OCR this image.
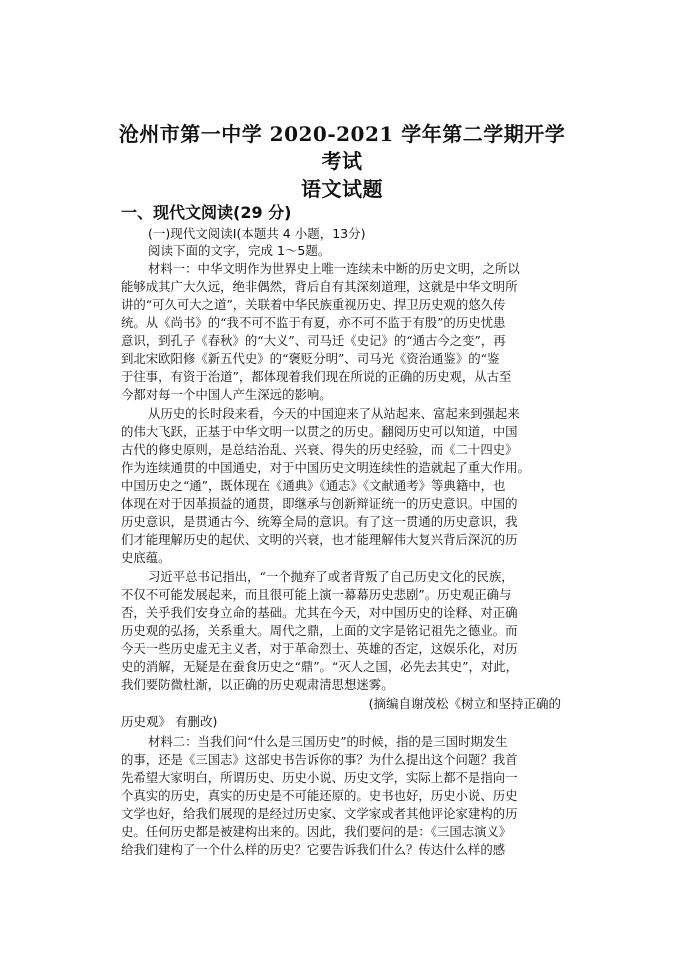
沧州市第一中学 2020-2021 学年第二学期开学
考试
语文试题
一、现代文阅读(29 分)
(一)现代文阅读Ⅰ(本题共 4 小题，13分)
阅读下面的文字，完成 1～5题。
材料一：中华文明作为世界史上唯一连续未中断的历史文明，之所以
能够成其广大久远，绝非偶然，背后自有其深刻道理，这就是中华文明所
讲的“可久可大之道”，关联着中华民族重视历史、捍卫历史观的悠久传
统。从《尚书》的“我不可不监于有夏，亦不可不监于有殷”的历史忧患
意识，到孔子《春秋》的“大义”、司马迁《史记》的“通古今之变”，再
到北宋欧阳修《新五代史》的“褒贬分明”、司马光《资治通鉴》的“鉴
于往事，有资于治道”，都体现着我们现在所说的正确的历史观，从古至
今都对每一个中国人产生深远的影响。
从历史的长时段来看，今天的中国迎来了从站起来、富起来到强起来
的伟大飞跃，正基于中华文明一以贯之的历史。翻阅历史可以知道，中国
古代的修史原则，是总结治乱、兴衰、得失的历史经验，而《二十四史》
作为连续通贯的中国通史，对于中国历史文明连续性的造就起了重大作用。
中国历史之“通”，既体现在《通典》《通志》《文献通考》等典籍中，也
体现在对于因革损益的通贯，即继承与创新辩证统一的历史意识。中国的
历史意识，是贯通古今、统筹全局的意识。有了这一贯通的历史意识，我
们才能理解历史的起伏、文明的兴衰，也才能理解伟大复兴背后深沉的历
史底蕴。
习近平总书记指出，“一个抛弃了或者背叛了自己历史文化的民族，
不仅不可能发展起来，而且很可能上演一幕幕历史悲剧”。历史观正确与
否，关乎我们安身立命的基础。尤其在今天，对中国历史的诠释、对正确
历史观的弘扬，关系重大。周代之鼎，上面的文字是铭记祖先之德业。而
今天一些历史虚无主义者，对于革命烈士、英雄的否定，这娱乐化，对历
史的消解，无疑是在蚕食历史之“鼎”。“灭人之国，必先去其史”，对此，
我们要防微杜渐，以正确的历史观肃清思想迷雾。
(摘编自谢茂松《树立和坚持正确的
历史观》 有删改)
材料二：当我们问“什么是三国历史”的时候，指的是三国时期发生
的事，还是《三国志》这部史书告诉你的事？为什么提出这个问题？我首
先希望大家明白，所谓历史、历史小说、历史文学，实际上都不是指向一
个真实的历史，真实的历史是不可能还原的。史书也好，历史小说、历史
文学也好，给我们展现的是经过历史家、文学家或者其他评论家建构的历
史。任何历史都是被建构出来的。因此，我们要问的是：《三国志演义》
给我们建构了一个什么样的历史？它要告诉我们什么？传达什么样的感
